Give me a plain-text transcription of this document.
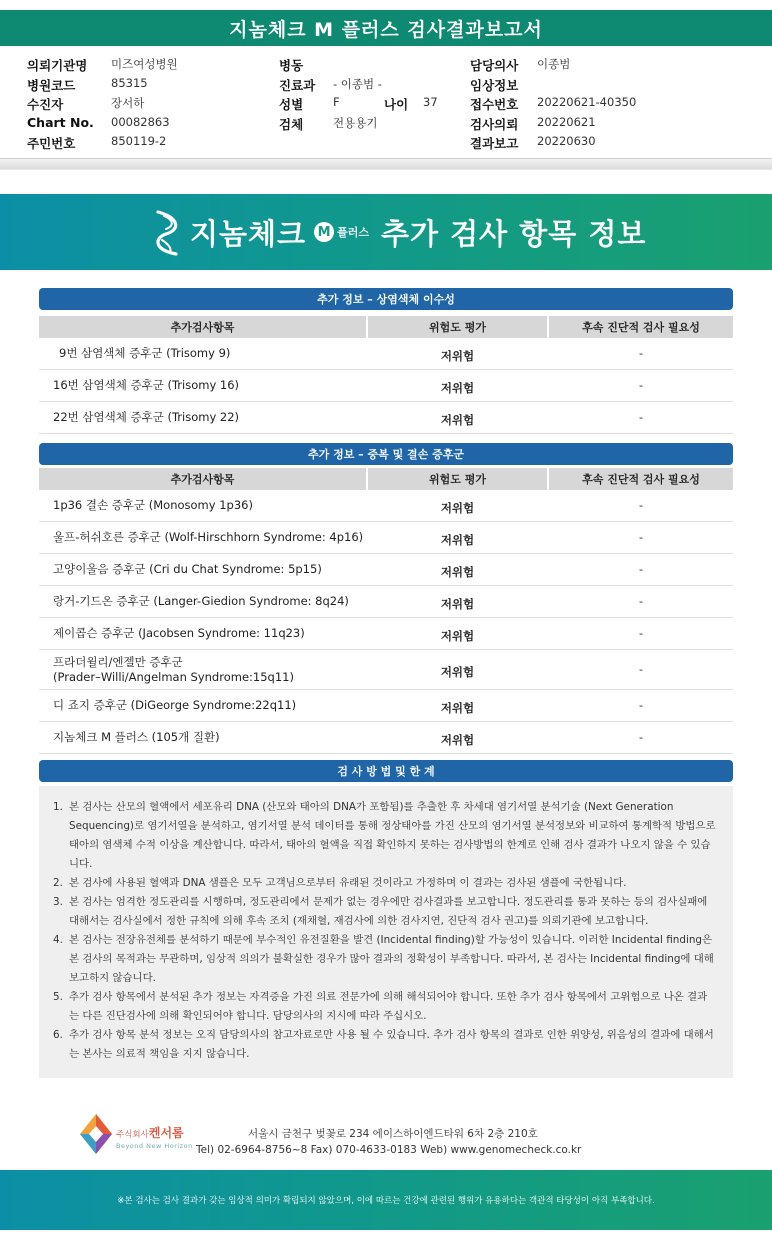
지놈체크 M 플러스 검사결과보고서
의뢰기관명 미즈여성병원	병동	담당의사 이종범
병원코드	85315	진료과 - 이종범 -	임상정보
수진자	장서하	성별	F	나이 37	접수번호 20220621-40350
Chart No. 00082863	검체	전용용기	검사의뢰 20220621
주민번호	850119-2	결과보고 20220630
지놈체크 M 플러스 추가 검사 항목 정보
추가 정보 – 상염색체 이수성
추가검사항목	위험도 평가	후속 진단적 검사 필요성
9번 삼염색체 증후군 (Trisomy 9)	저위험	-
16번 삼염색체 증후군 (Trisomy 16)	저위험	-
22번 삼염색체 증후군 (Trisomy 22)	저위험	-
추가 정보 – 중복 및 결손 증후군
추가검사항목	위험도 평가	후속 진단적 검사 필요성
1p36 결손 증후군 (Monosomy 1p36)	저위험	-
울프-허쉬호른 증후군 (Wolf-Hirschhorn Syndrome: 4p16)	저위험	-
고양이울음 증후군 (Cri du Chat Syndrome: 5p15)	저위험	-
랑거-기드온 증후군 (Langer-Giedion Syndrome: 8q24)	저위험	-
제이콥슨 증후군 (Jacobsen Syndrome: 11q23)	저위험	-
프라더윌리/엔젤만 증후군
(Prader–Willi/Angelman Syndrome:15q11)	저위험	-
디 죠지 증후군 (DiGeorge Syndrome:22q11)	저위험	-
지놈체크 M 플러스 (105개 질환)	저위험	-
검 사 방 법 및 한 계
1. 본 검사는 산모의 혈액에서 세포유리 DNA (산모와 태아의 DNA가 포함됨)를 추출한 후 차세대 염기서열 분석기술 (Next Generation Sequencing)로 염기서열을 분석하고, 염기서열 분석 데이터를 통해 정상태아를 가진 산모의 염기서열 분석정보와 비교하여 통계학적 방법으로 태아의 염색체 수적 이상을 계산합니다. 따라서, 태아의 혈액을 직접 확인하지 못하는 검사방법의 한계로 인해 검사 결과가 나오지 않을 수 있습니다.
2. 본 검사에 사용된 혈액과 DNA 샘플은 모두 고객님으로부터 유래된 것이라고 가정하며 이 결과는 검사된 샘플에 국한됩니다.
3. 본 검사는 엄격한 정도관리를 시행하며, 정도관리에서 문제가 없는 경우에만 검사결과를 보고합니다. 정도관리를 통과 못하는 등의 검사실패에 대해서는 검사실에서 정한 규칙에 의해 후속 조치 (재채혈, 재검사에 의한 검사지연, 진단적 검사 권고)를 의뢰기관에 보고합니다.
4. 본 검사는 전장유전체를 분석하기 때문에 부수적인 유전질환을 발견 (Incidental finding)할 가능성이 있습니다. 이러한 Incidental finding은 본 검사의 목적과는 무관하며, 임상적 의의가 불확실한 경우가 많아 결과의 정확성이 부족합니다. 따라서, 본 검사는 Incidental finding에 대해 보고하지 않습니다.
5. 추가 검사 항목에서 분석된 추가 정보는 자격증을 가진 의료 전문가에 의해 해석되어야 합니다. 또한 추가 검사 항목에서 고위험으로 나온 결과는 다른 진단검사에 의해 확인되어야 합니다. 담당의사의 지시에 따라 주십시오.
6. 추가 검사 항목 분석 정보는 오직 담당의사의 참고자료로만 사용 될 수 있습니다. 추가 검사 항목의 결과로 인한 위양성, 위음성의 결과에 대해서는 본사는 의료적 책임을 지지 않습니다.
주식회사켄서롬
Beyond New Horizon
서울시 금천구 벚꽃로 234 에이스하이엔드타워 6차 2층 210호
Tel) 02-6964-8756~8 Fax) 070-4633-0183 Web) www.genomecheck.co.kr
※본 검사는 검사 결과가 갖는 임상적 의미가 확립되지 않았으며, 이에 따르는 건강에 관련된 행위가 유용하다는 객관적 타당성이 아직 부족합니다.
